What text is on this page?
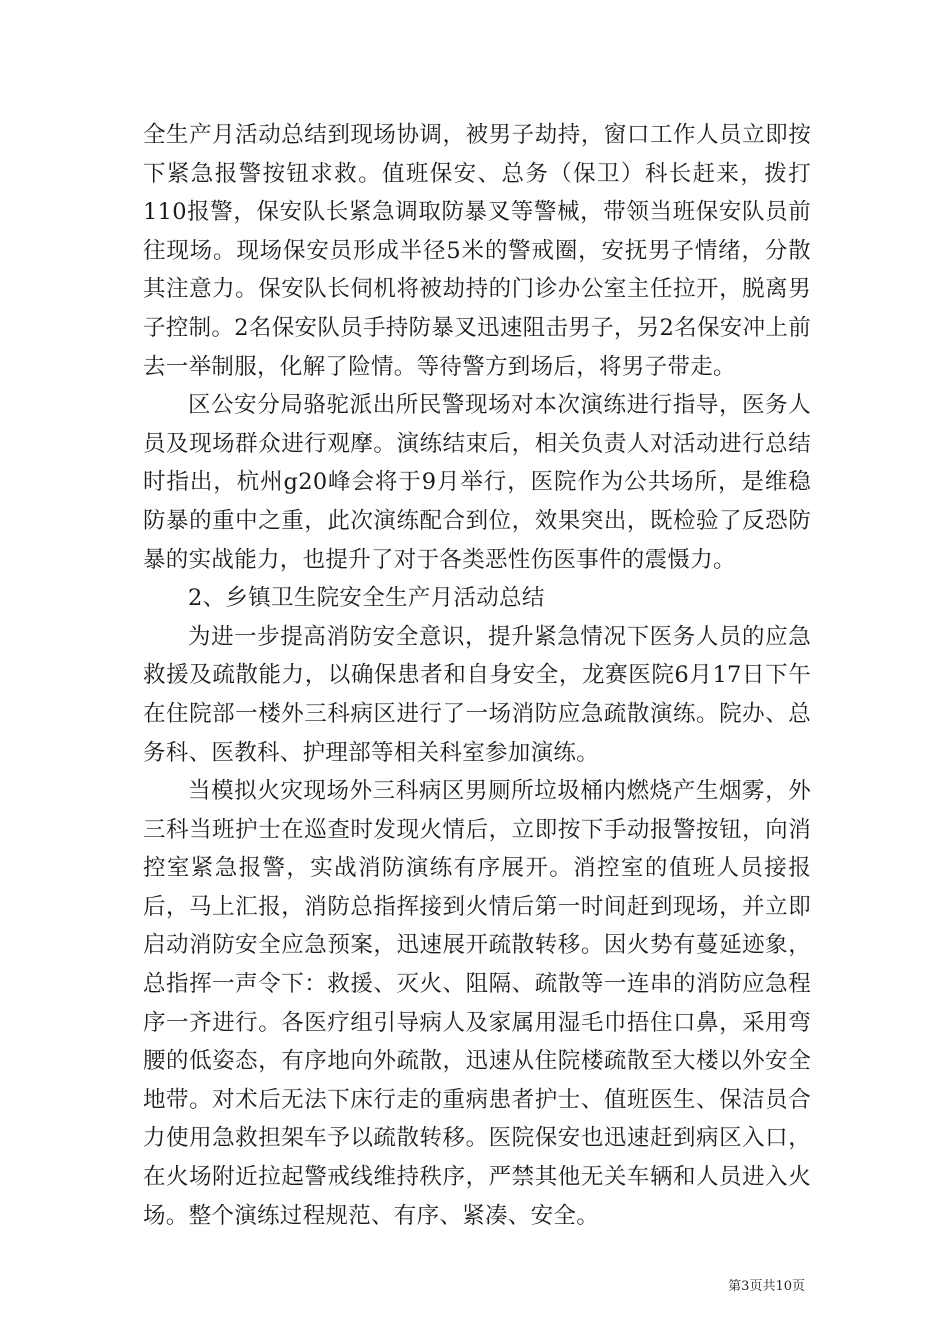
全生产月活动总结到现场协调，被男子劫持，窗口工作人员立即按下紧急报警按钮求救。值班保安、总务（保卫）科长赶来，拨打110报警，保安队长紧急调取防暴叉等警械，带领当班保安队员前往现场。现场保安员形成半径5米的警戒圈，安抚男子情绪，分散其注意力。保安队长伺机将被劫持的门诊办公室主任拉开，脱离男子控制。2名保安队员手持防暴叉迅速阻击男子，另2名保安冲上前去一举制服，化解了险情。等待警方到场后，将男子带走。

区公安分局骆驼派出所民警现场对本次演练进行指导，医务人员及现场群众进行观摩。演练结束后，相关负责人对活动进行总结时指出，杭州g20峰会将于9月举行，医院作为公共场所，是维稳防暴的重中之重，此次演练配合到位，效果突出，既检验了反恐防暴的实战能力，也提升了对于各类恶性伤医事件的震慑力。

2、乡镇卫生院安全生产月活动总结

为进一步提高消防安全意识，提升紧急情况下医务人员的应急救援及疏散能力，以确保患者和自身安全，龙赛医院6月17日下午在住院部一楼外三科病区进行了一场消防应急疏散演练。院办、总务科、医教科、护理部等相关科室参加演练。

当模拟火灾现场外三科病区男厕所垃圾桶内燃烧产生烟雾，外三科当班护士在巡查时发现火情后，立即按下手动报警按钮，向消控室紧急报警，实战消防演练有序展开。消控室的值班人员接报后，马上汇报，消防总指挥接到火情后第一时间赶到现场，并立即启动消防安全应急预案，迅速展开疏散转移。因火势有蔓延迹象，总指挥一声令下：救援、灭火、阻隔、疏散等一连串的消防应急程序一齐进行。各医疗组引导病人及家属用湿毛巾捂住口鼻，采用弯腰的低姿态，有序地向外疏散，迅速从住院楼疏散至大楼以外安全地带。对术后无法下床行走的重病患者护士、值班医生、保洁员合力使用急救担架车予以疏散转移。医院保安也迅速赶到病区入口，在火场附近拉起警戒线维持秩序，严禁其他无关车辆和人员进入火场。整个演练过程规范、有序、紧凑、安全。

第3页共10页
